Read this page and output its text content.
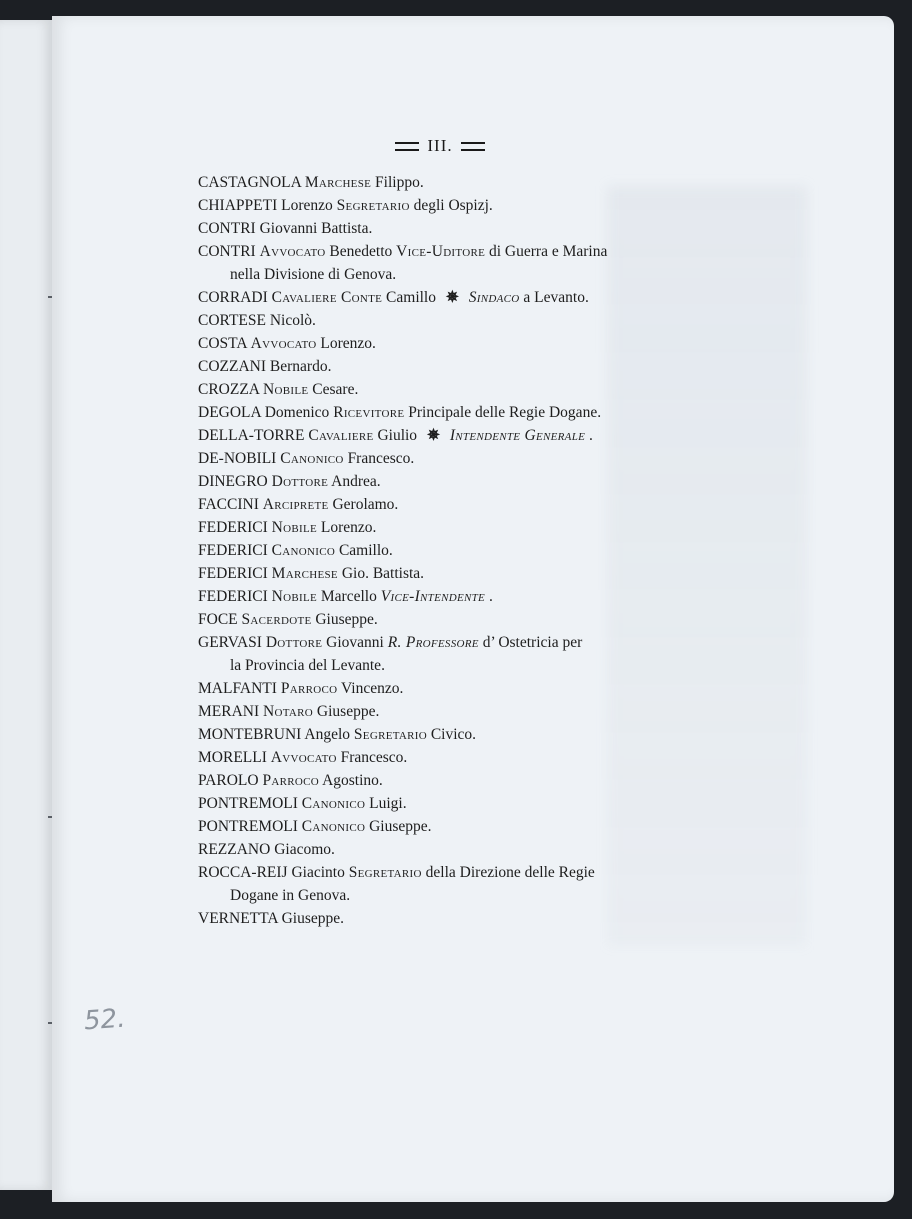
III.
CASTAGNOLA Marchese Filippo.
CHIAPPETI Lorenzo Segretario degli Ospizj.
CONTRI Giovanni Battista.
CONTRI Avvocato Benedetto Vice-Uditore di Guerra e Marina
nella Divisione di Genova.
CORRADI Cavaliere Conte Camillo ✵ Sindaco a Levanto.
CORTESE Nicolò.
COSTA Avvocato Lorenzo.
COZZANI Bernardo.
CROZZA Nobile Cesare.
DEGOLA Domenico Ricevitore Principale delle Regie Dogane.
DELLA-TORRE Cavaliere Giulio ✵ Intendente Generale .
DE-NOBILI Canonico Francesco.
DINEGRO Dottore Andrea.
FACCINI Arciprete Gerolamo.
FEDERICI Nobile Lorenzo.
FEDERICI Canonico Camillo.
FEDERICI Marchese Gio. Battista.
FEDERICI Nobile Marcello Vice-Intendente .
FOCE Sacerdote Giuseppe.
GERVASI Dottore Giovanni R. Professore d’ Ostetricia per
la Provincia del Levante.
MALFANTI Parroco Vincenzo.
MERANI Notaro Giuseppe.
MONTEBRUNI Angelo Segretario Civico.
MORELLI Avvocato Francesco.
PAROLO Parroco Agostino.
PONTREMOLI Canonico Luigi.
PONTREMOLI Canonico Giuseppe.
REZZANO Giacomo.
ROCCA-REIJ Giacinto Segretario della Direzione delle Regie
Dogane in Genova.
VERNETTA Giuseppe.
52.
